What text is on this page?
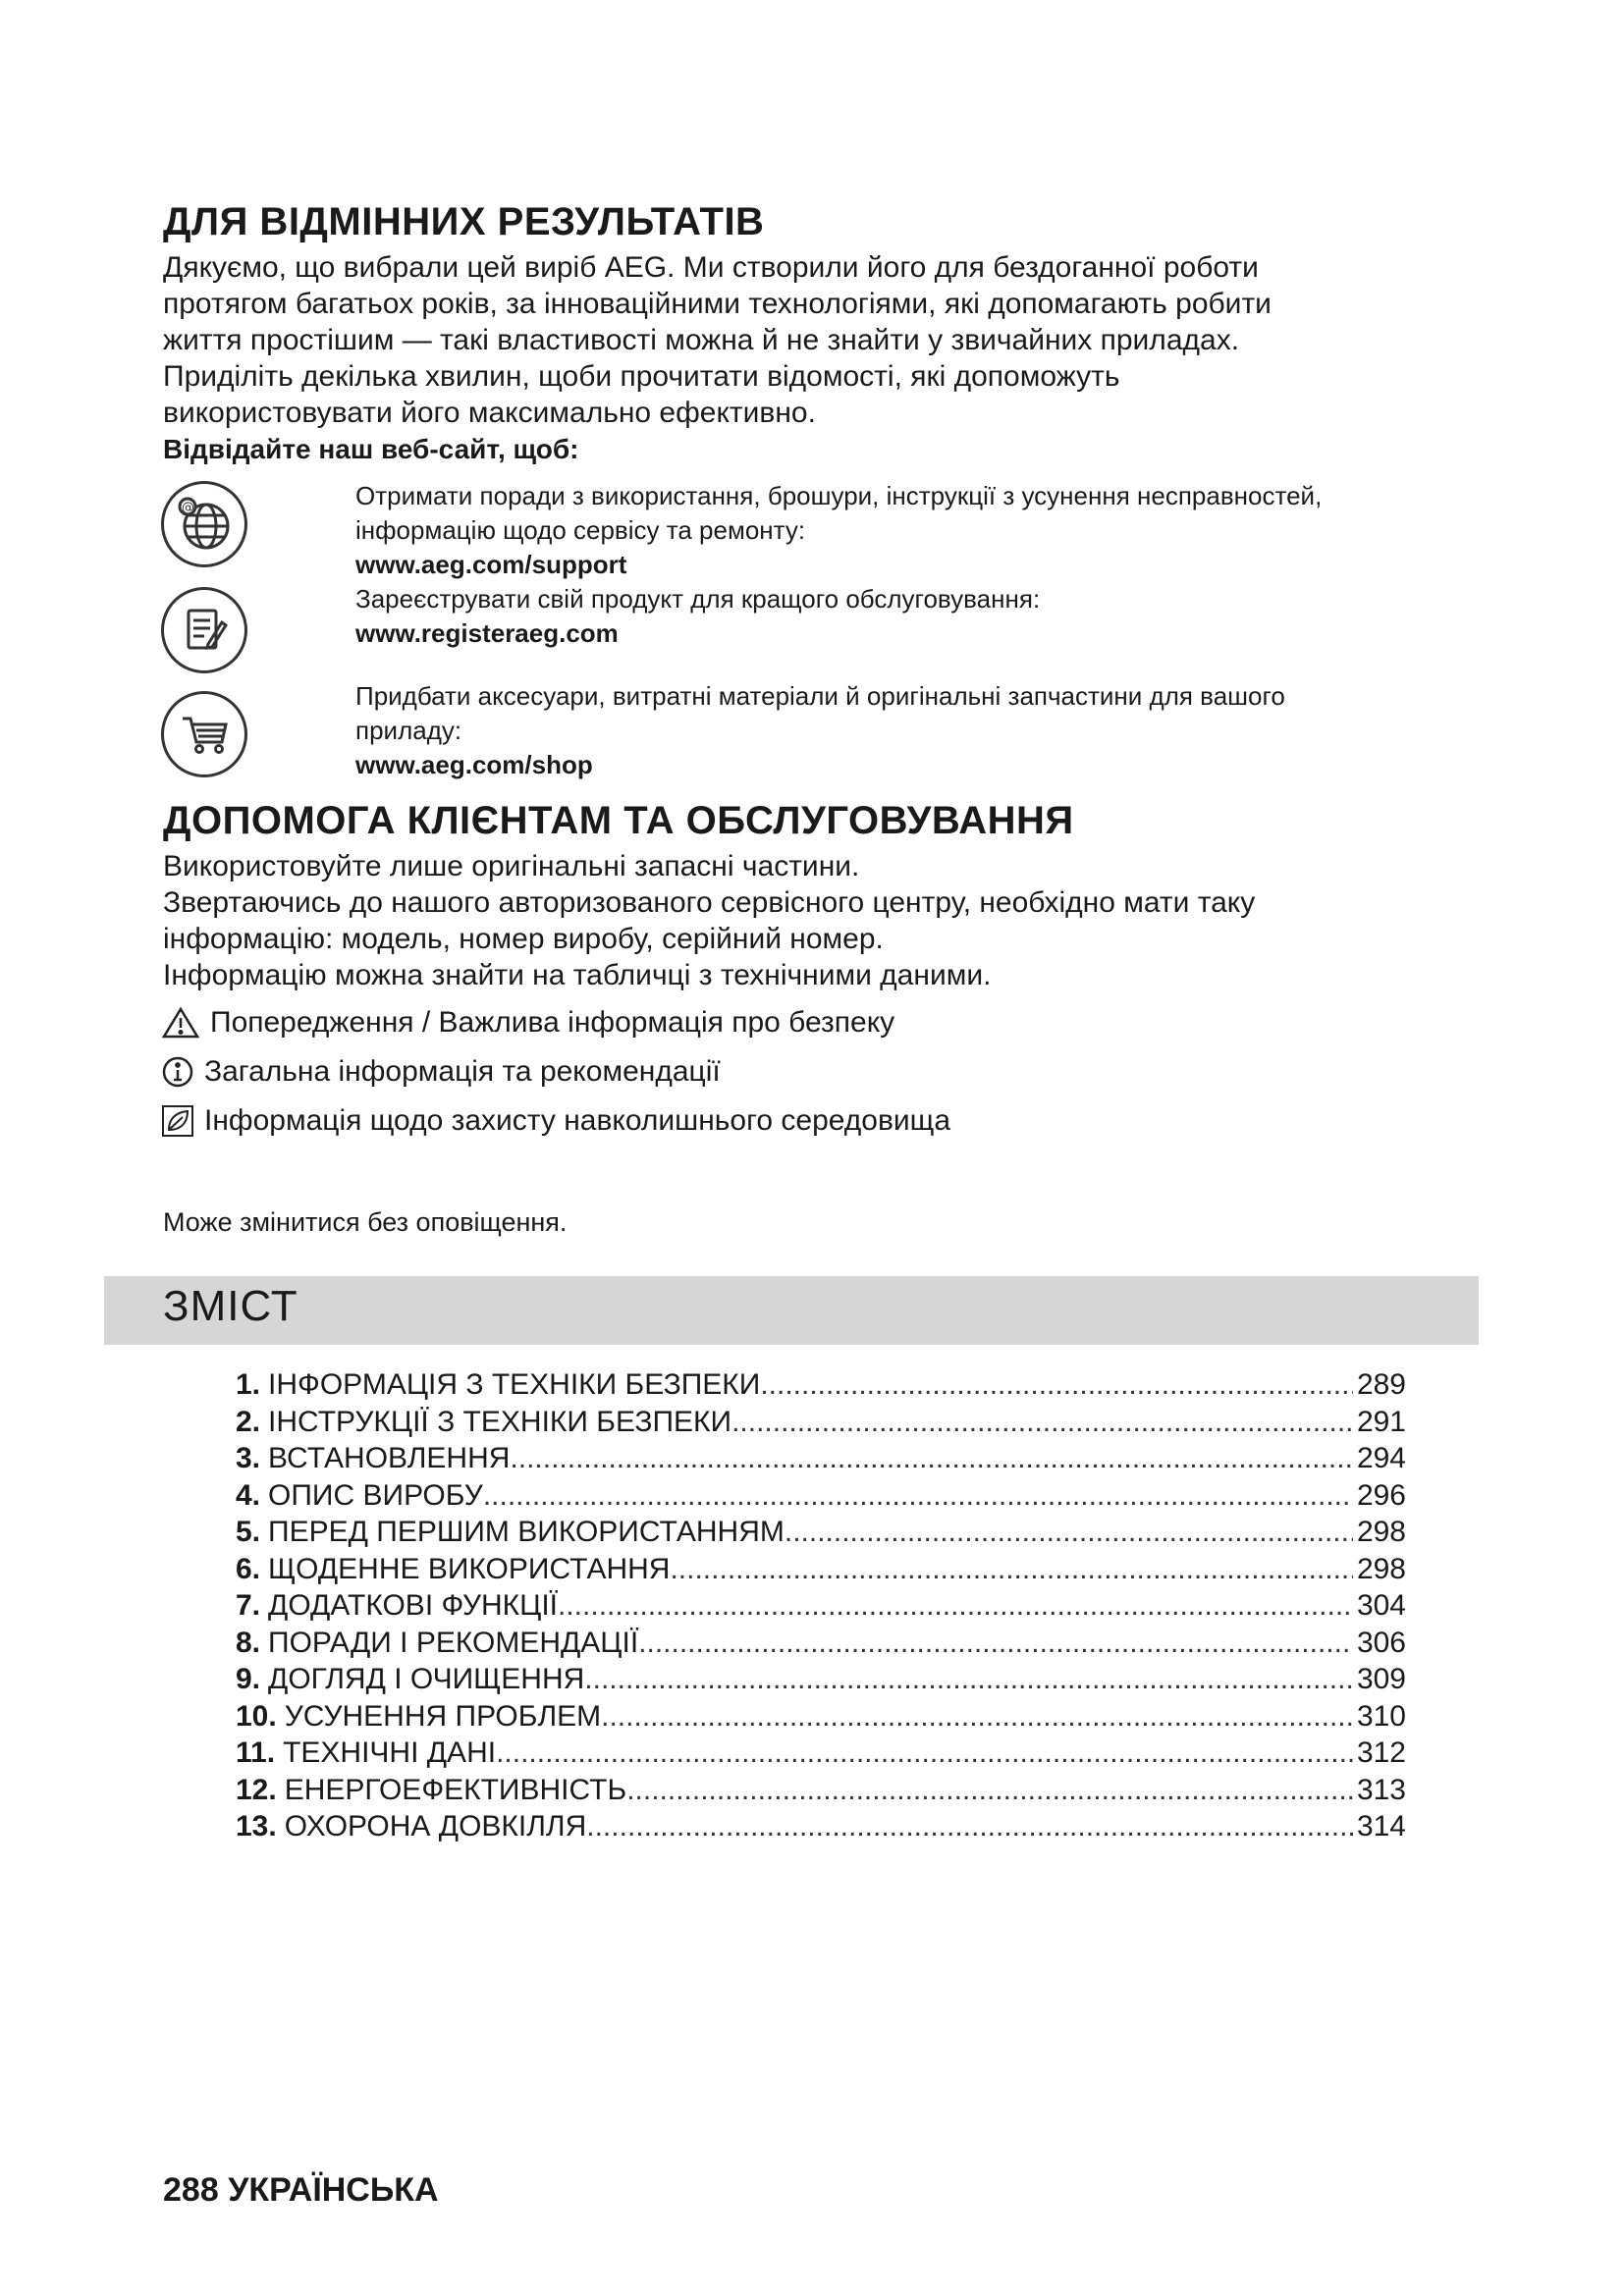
ДЛЯ ВІДМІННИХ РЕЗУЛЬТАТІВ

Дякуємо, що вибрали цей виріб AEG. Ми створили його для бездоганної роботи

протягом багатьох років, за інноваційними технологіями, які допомагають робити

життя простішим — такі властивості можна й не знайти у звичайних приладах.

Приділіть декілька хвилин, щоби прочитати відомості, які допоможуть

використовувати його максимально ефективно.

Відвідайте наш веб-сайт, щоб:

@	Отримати поради з використання, брошури, інструкції з усунення несправностей,
інформацію щодо сервісу та ремонту:
www.aeg.com/support
Зареєструвати свій продукт для кращого обслуговування:
www.registeraeg.com
Придбати аксесуари, витратні матеріали й оригінальні запчастини для вашого
приладу:
www.aeg.com/shop
ДОПОМОГА КЛІЄНТАМ ТА ОБСЛУГОВУВАННЯ

Використовуйте лише оригінальні запасні частини.

Звертаючись до нашого авторизованого сервісного центру, необхідно мати таку

інформацію: модель, номер виробу, серійний номер.

Інформацію можна знайти на табличці з технічними даними.

Попередження / Важлива інформація про безпеку
Загальна інформація та рекомендації
Інформація щодо захисту навколишнього середовища
Може змінитися без оповіщення.
ЗМІСТ
1. ІНФОРМАЦІЯ З ТЕХНІКИ БЕЗПЕКИ .....	289
2. ІНСТРУКЦІЇ З ТЕХНІКИ БЕЗПЕКИ .....	291
3. ВСТАНОВЛЕННЯ .....	294
4. ОПИС ВИРОБУ .....	296
5. ПЕРЕД ПЕРШИМ ВИКОРИСТАННЯМ .....	298
6. ЩОДЕННЕ ВИКОРИСТАННЯ .....	298
7. ДОДАТКОВІ ФУНКЦІЇ .....	304
8. ПОРАДИ І РЕКОМЕНДАЦІЇ .....	306
9. ДОГЛЯД І ОЧИЩЕННЯ .....	309
10. УСУНЕННЯ ПРОБЛЕМ .....	310
11. ТЕХНІЧНІ ДАНІ .....	312
12. ЕНЕРГОЕФЕКТИВНІСТЬ .....	313
13. ОХОРОНА ДОВКІЛЛЯ .....	314
288 УКРАЇНСЬКА
